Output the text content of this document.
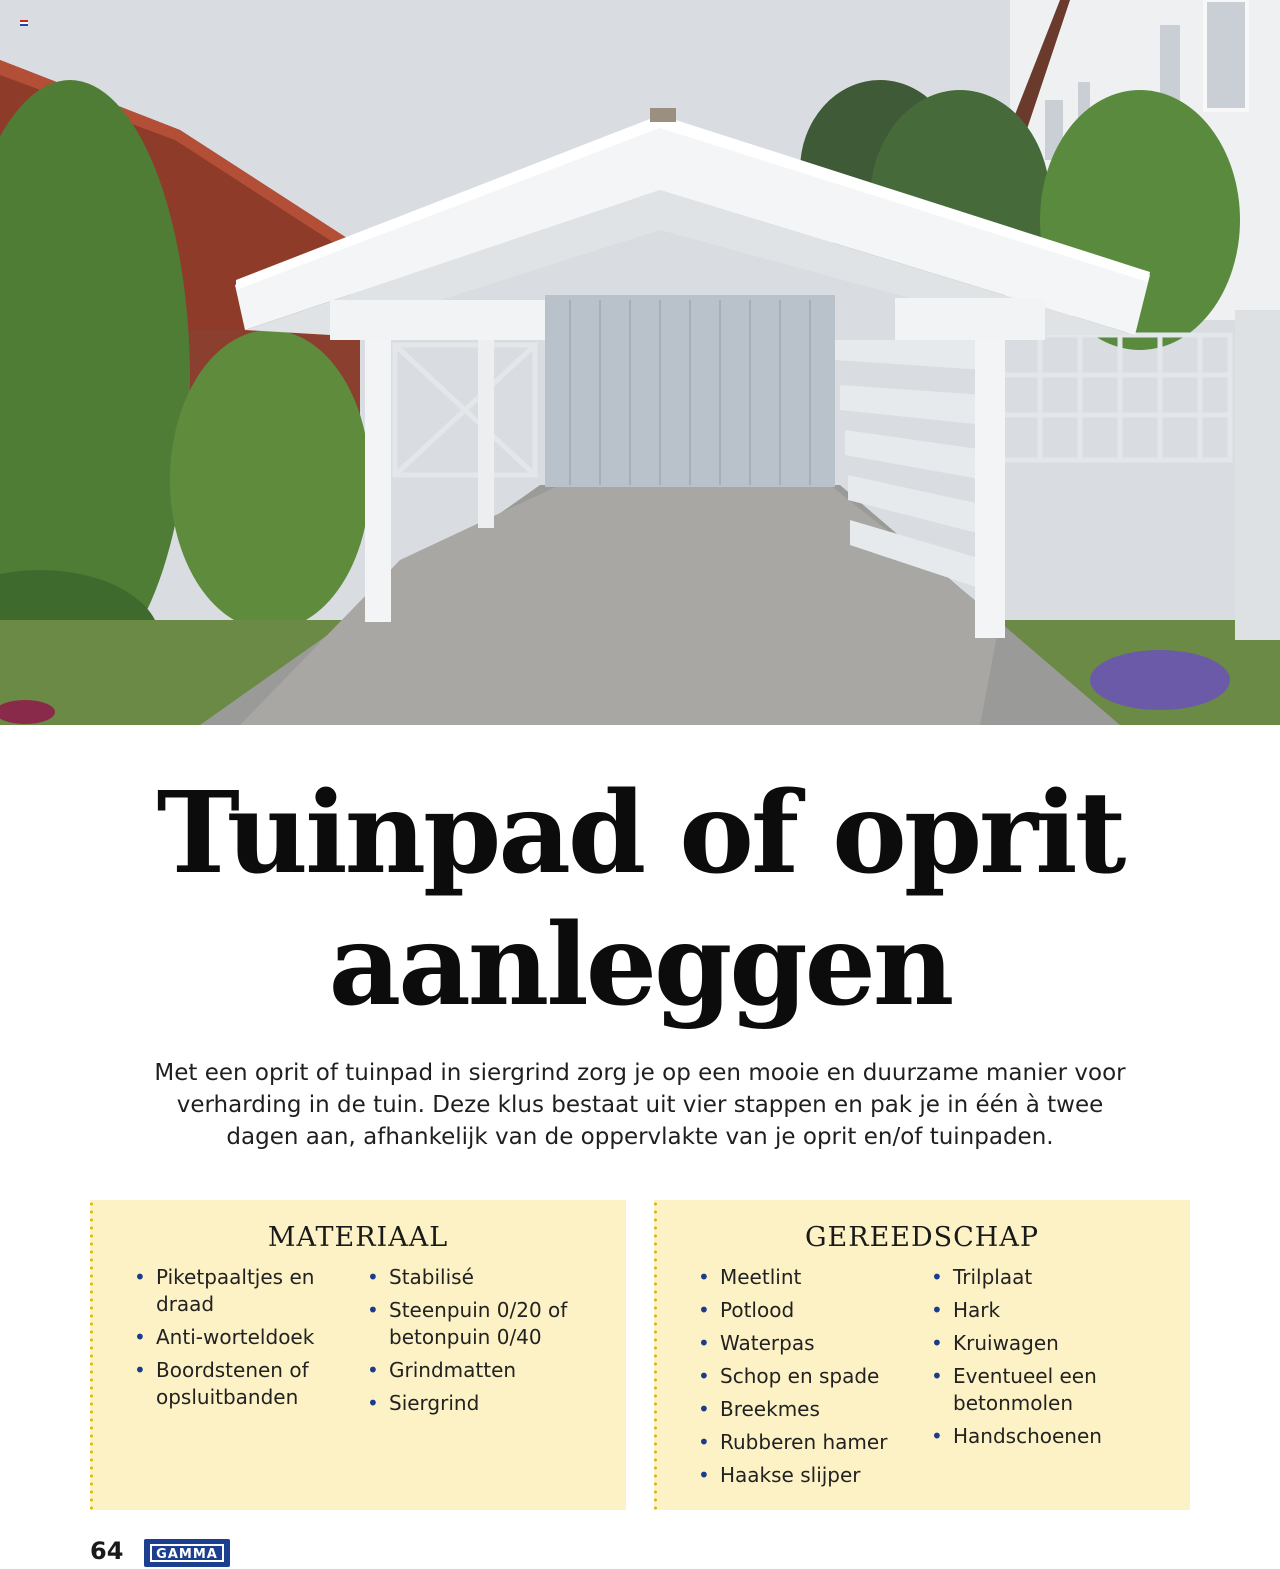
Tuinpad of oprit
aanleggen

Met een oprit of tuinpad in siergrind zorg je op een mooie en duurzame manier voor verharding in de tuin. Deze klus bestaat uit vier stappen en pak je in één à twee dagen aan, afhankelijk van de oppervlakte van je oprit en/of tuinpaden.

MATERIAAL
• Piketpaaltjes en draad
• Anti-worteldoek
• Boordstenen of opsluitbanden
• Stabilisé
• Steenpuin 0/20 of betonpuin 0/40
• Grindmatten
• Siergrind
GEREEDSCHAP
• Meetlint
• Potlood
• Waterpas
• Schop en spade
• Breekmes
• Rubberen hamer
• Haakse slijper
• Trilplaat
• Hark
• Kruiwagen
• Eventueel een betonmolen
• Handschoenen
64	GAMMA
